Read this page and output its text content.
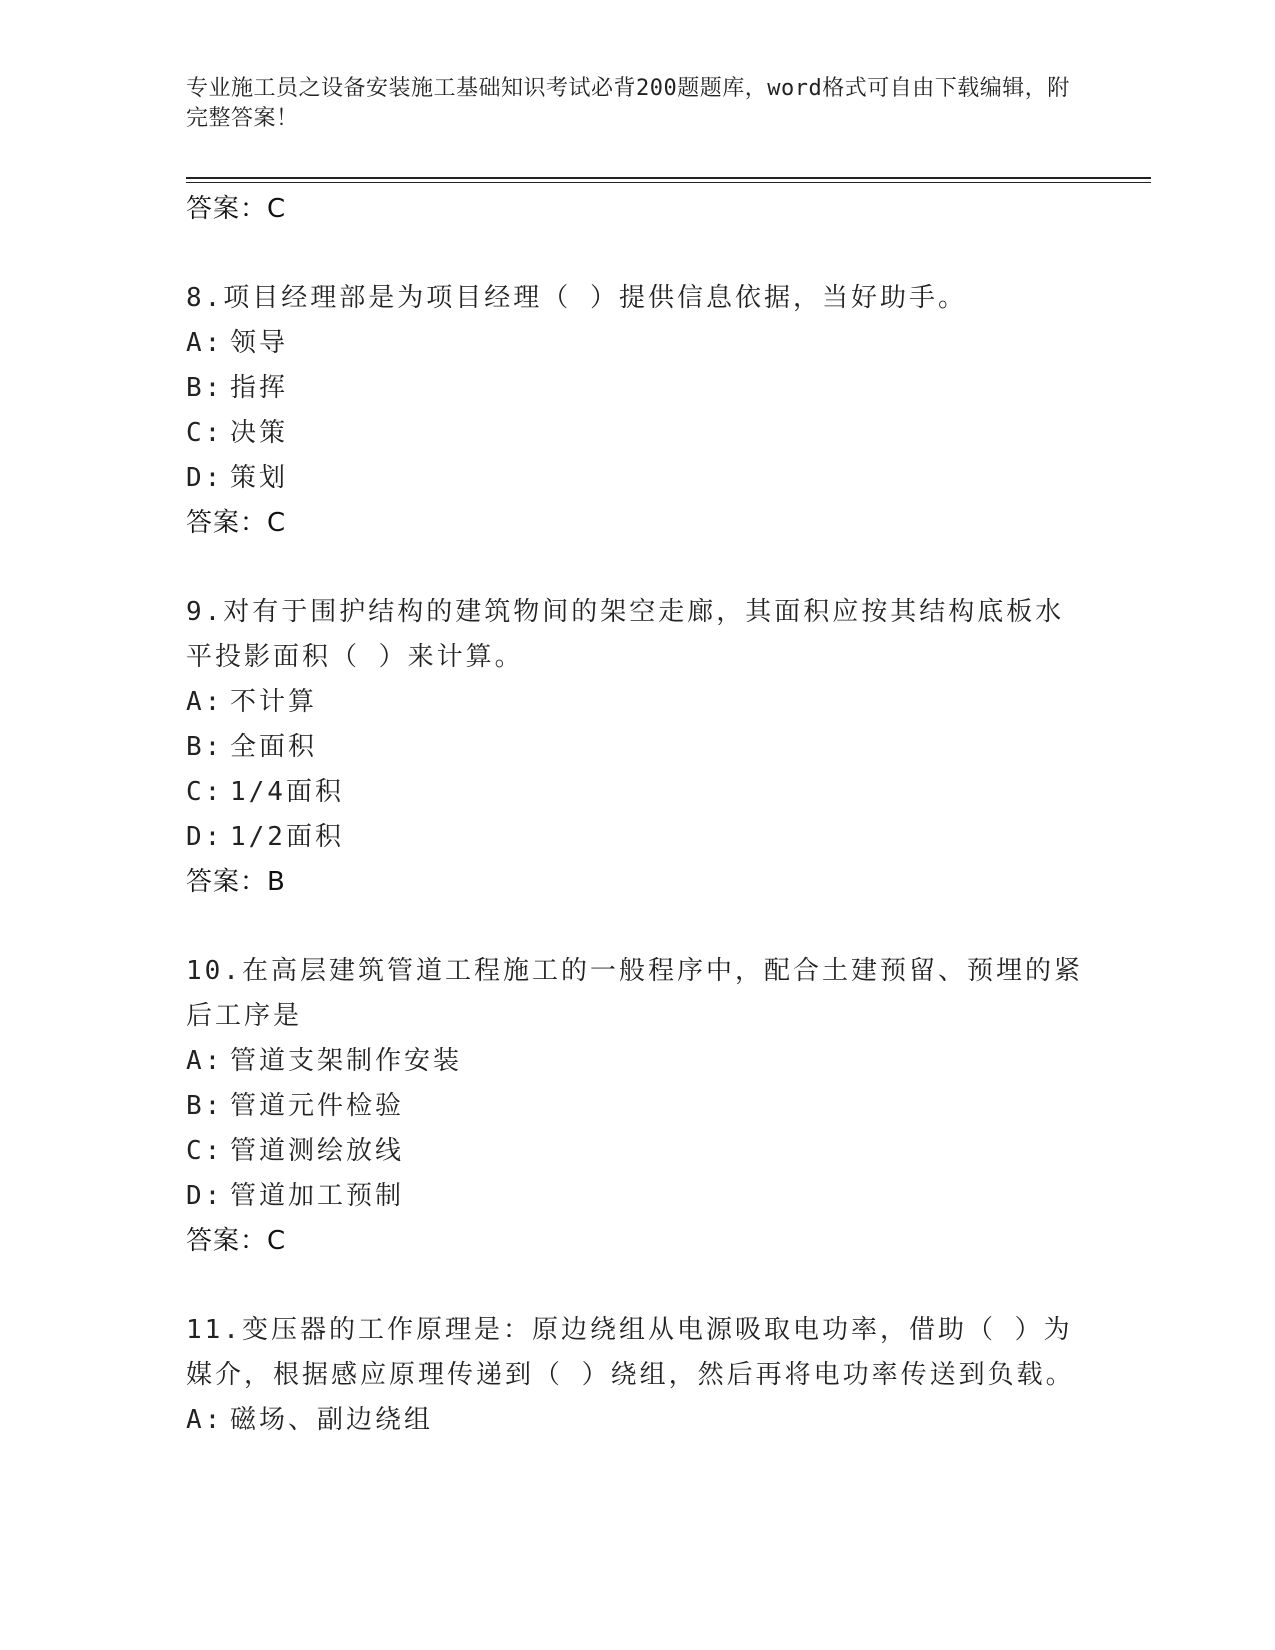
专业施工员之设备安装施工基础知识考试必背200题题库，word格式可自由下载编辑，附完整答案！
答案：C
8.项目经理部是为项目经理（ ）提供信息依据，当好助手。
A: 领导
B: 指挥
C: 决策
D: 策划
答案：C
9.对有于围护结构的建筑物间的架空走廊，其面积应按其结构底板水平投影面积（ ）来计算。
A: 不计算
B: 全面积
C: 1/4面积
D: 1/2面积
答案：B
10.在高层建筑管道工程施工的一般程序中，配合土建预留、预埋的紧后工序是
A: 管道支架制作安装
B: 管道元件检验
C: 管道测绘放线
D: 管道加工预制
答案：C
11.变压器的工作原理是：原边绕组从电源吸取电功率，借助（ ）为媒介，根据感应原理传递到（ ）绕组，然后再将电功率传送到负载。
A: 磁场、副边绕组
